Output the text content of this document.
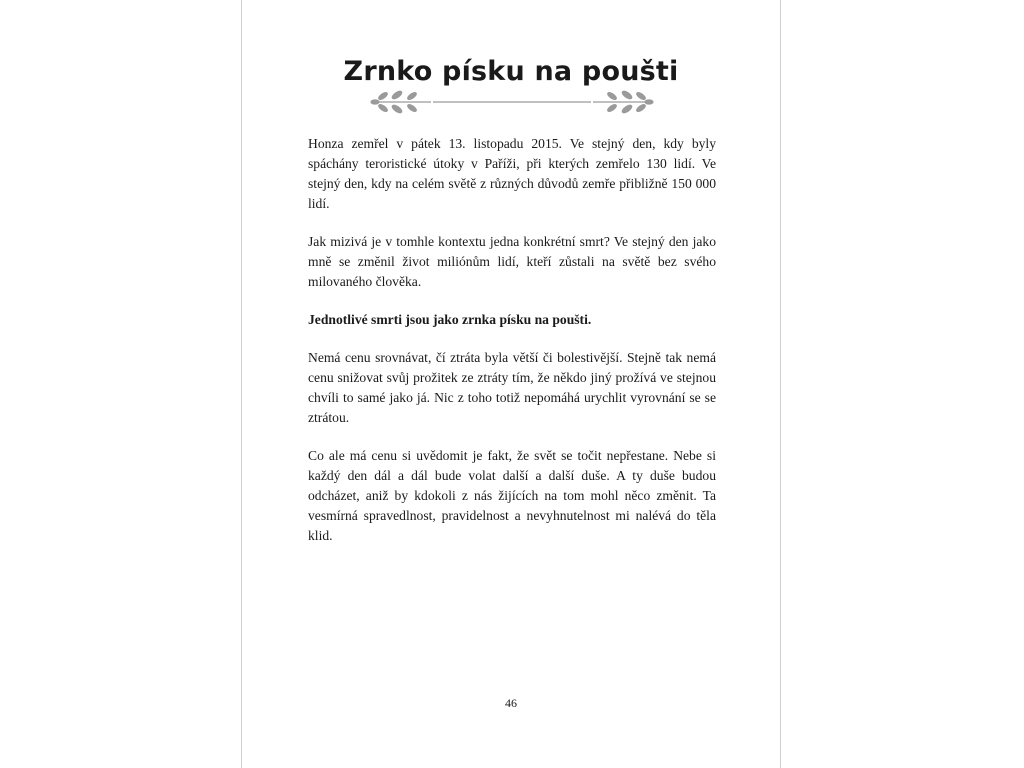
Zrnko písku na poušti

Honza zemřel v pátek 13. listopadu 2015. Ve stejný den, kdy byly spáchány teroristické útoky v Paříži, při kterých zemřelo 130 lidí. Ve stejný den, kdy na celém světě z různých důvodů zemře přibližně 150 000 lidí.

Jak mizivá je v tomhle kontextu jedna konkrétní smrt? Ve stejný den jako mně se změnil život miliónům lidí, kteří zůstali na světě bez svého milovaného člověka.

Jednotlivé smrti jsou jako zrnka písku na poušti.

Nemá cenu srovnávat, čí ztráta byla větší či bolestivější. Stejně tak nemá cenu snižovat svůj prožitek ze ztráty tím, že někdo jiný prožívá ve stejnou chvíli to samé jako já. Nic z toho totiž nepomáhá urychlit vyrovnání se se ztrátou.

Co ale má cenu si uvědomit je fakt, že svět se točit nepřestane. Nebe si každý den dál a dál bude volat další a další duše. A ty duše budou odcházet, aniž by kdokoli z nás žijících na tom mohl něco změnit. Ta vesmírná spravedlnost, pravidelnost a nevyhnutelnost mi nalévá do těla klid.

46
